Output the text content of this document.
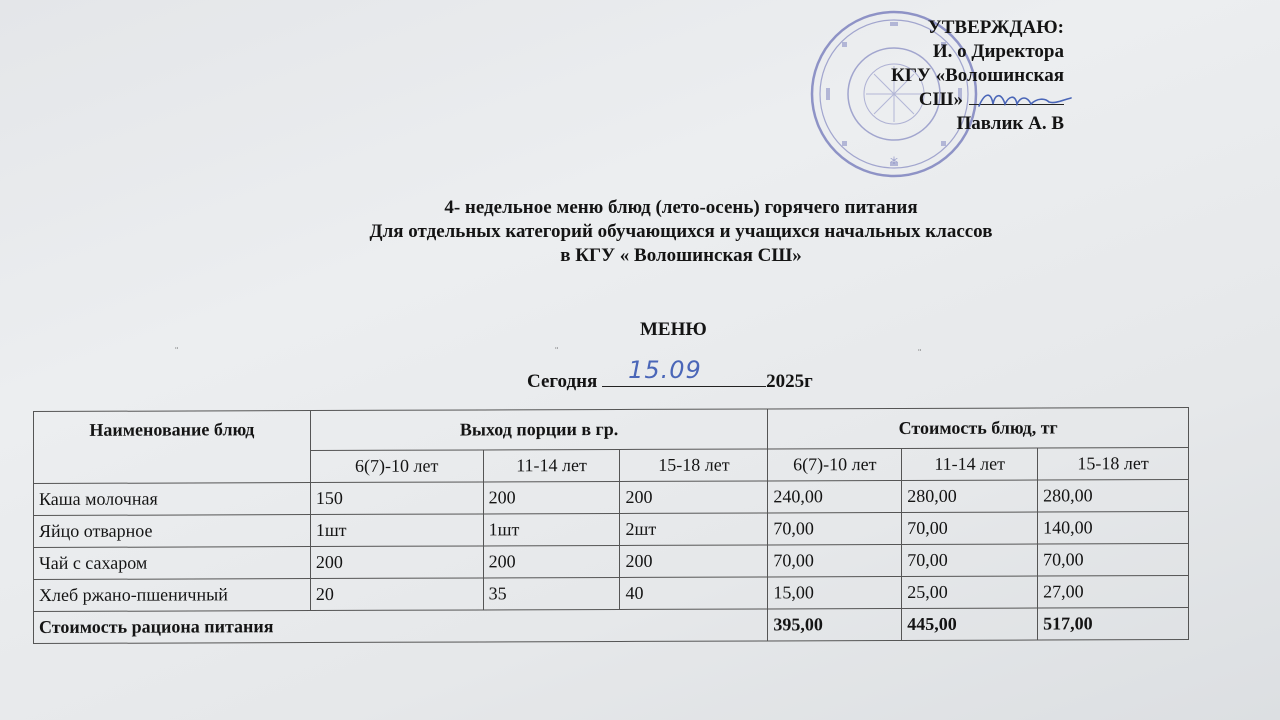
*
УТВЕРЖДАЮ:
И. о Директора
КГУ «Волошинская
СШ»
Павлик А. В
4- недельное меню блюд (лето-осень) горячего питания
Для отдельных категорий обучающихся и учащихся начальных классов
в КГУ « Волошинская СШ»
МЕНЮ
¨	¨	¨
Сегодня 15.09	2025г
Наименование блюд	Выход порции в гр.			Стоимость блюд, тг		
	6(7)-10 лет	11-14 лет	15-18 лет	6(7)-10 лет	11-14 лет	15-18 лет
Каша молочная	150	200	200	240,00	280,00	280,00
Яйцо отварное	1шт	1шт	2шт	70,00	70,00	140,00
Чай с сахаром	200	200	200	70,00	70,00	70,00
Хлеб ржано-пшеничный	20	35	40	15,00	25,00	27,00
Стоимость рациона питания				395,00	445,00	517,00
